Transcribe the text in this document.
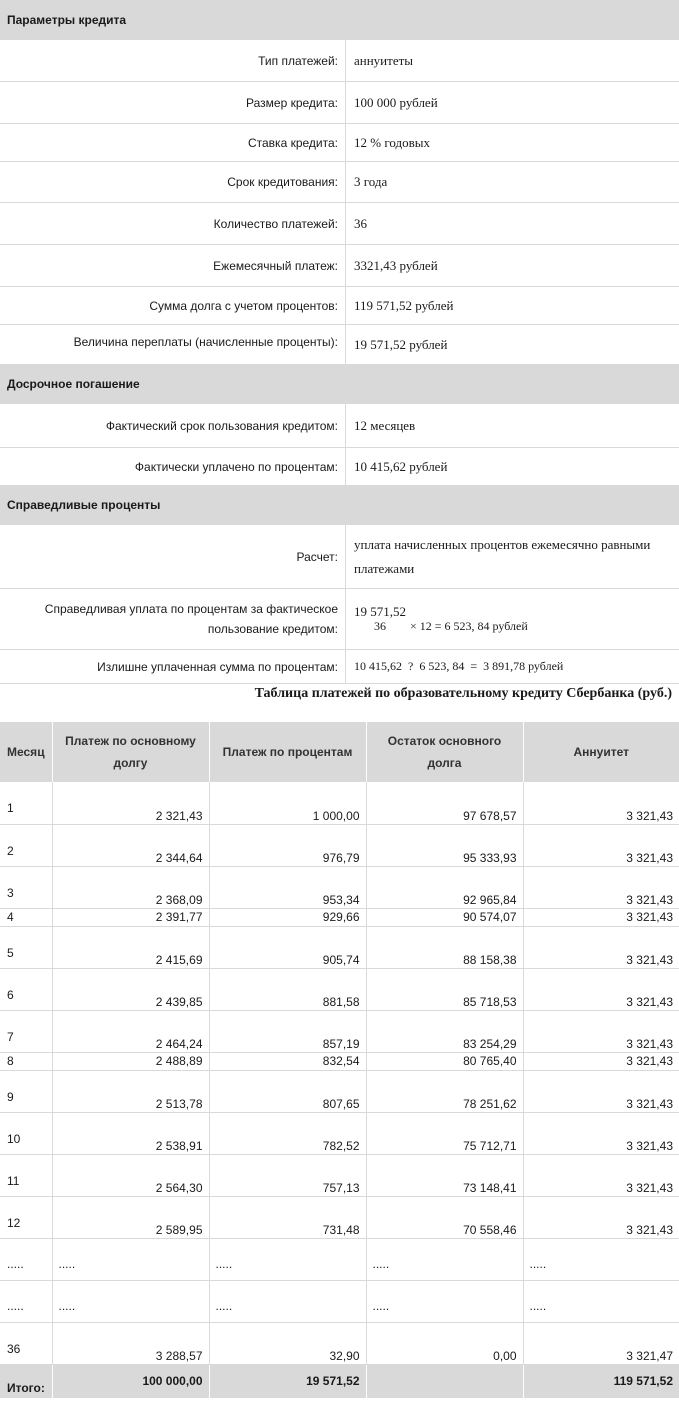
Параметры кредита
Тип платежей:	аннуитеты
Размер кредита:	100 000 рублей
Ставка кредита:	12 % годовых
Срок кредитования:	3 года
Количество платежей:	36
Ежемесячный платеж:	3321,43 рублей
Сумма долга с учетом процентов:	119 571,52 рублей
Величина переплаты (начисленные проценты):	19 571,52 рублей
Досрочное погашение
Фактический срок пользования кредитом:	12 месяцев
Фактически уплачено по процентам:	10 415,62 рублей
Справедливые проценты
Расчет:
уплата начисленных процентов ежемесячно равными
платежами
Справедливая уплата по процентам за фактическое
пользование кредитом:
19 571,52
36 × 12 = 6 523, 84 рублей
Излишне уплаченная сумма по процентам:	10 415,62  ?  6 523, 84  =  3 891,78 рублей
Таблица платежей по образовательному кредиту Сбербанка (руб.)
Месяц	Платеж по основному долгу	Платеж по процентам	Остаток основного долга	Аннуитет

1	2 321,43	1 000,00	97 678,57	3 321,43

2	2 344,64	976,79	95 333,93	3 321,43

3	2 368,09	953,34	92 965,84	3 321,43
4	2 391,77	929,66	90 574,07	3 321,43

5	2 415,69	905,74	88 158,38	3 321,43

6	2 439,85	881,58	85 718,53	3 321,43

7	2 464,24	857,19	83 254,29	3 321,43
8	2 488,89	832,54	80 765,40	3 321,43

9	2 513,78	807,65	78 251,62	3 321,43

10	2 538,91	782,52	75 712,71	3 321,43

11	2 564,30	757,13	73 148,41	3 321,43

12	2 589,95	731,48	70 558,46	3 321,43
.....	.....	.....	.....	.....
.....	.....	.....	.....	.....

36	3 288,57	32,90	0,00	3 321,47
Итого:	100 000,00	19 571,52		119 571,52
